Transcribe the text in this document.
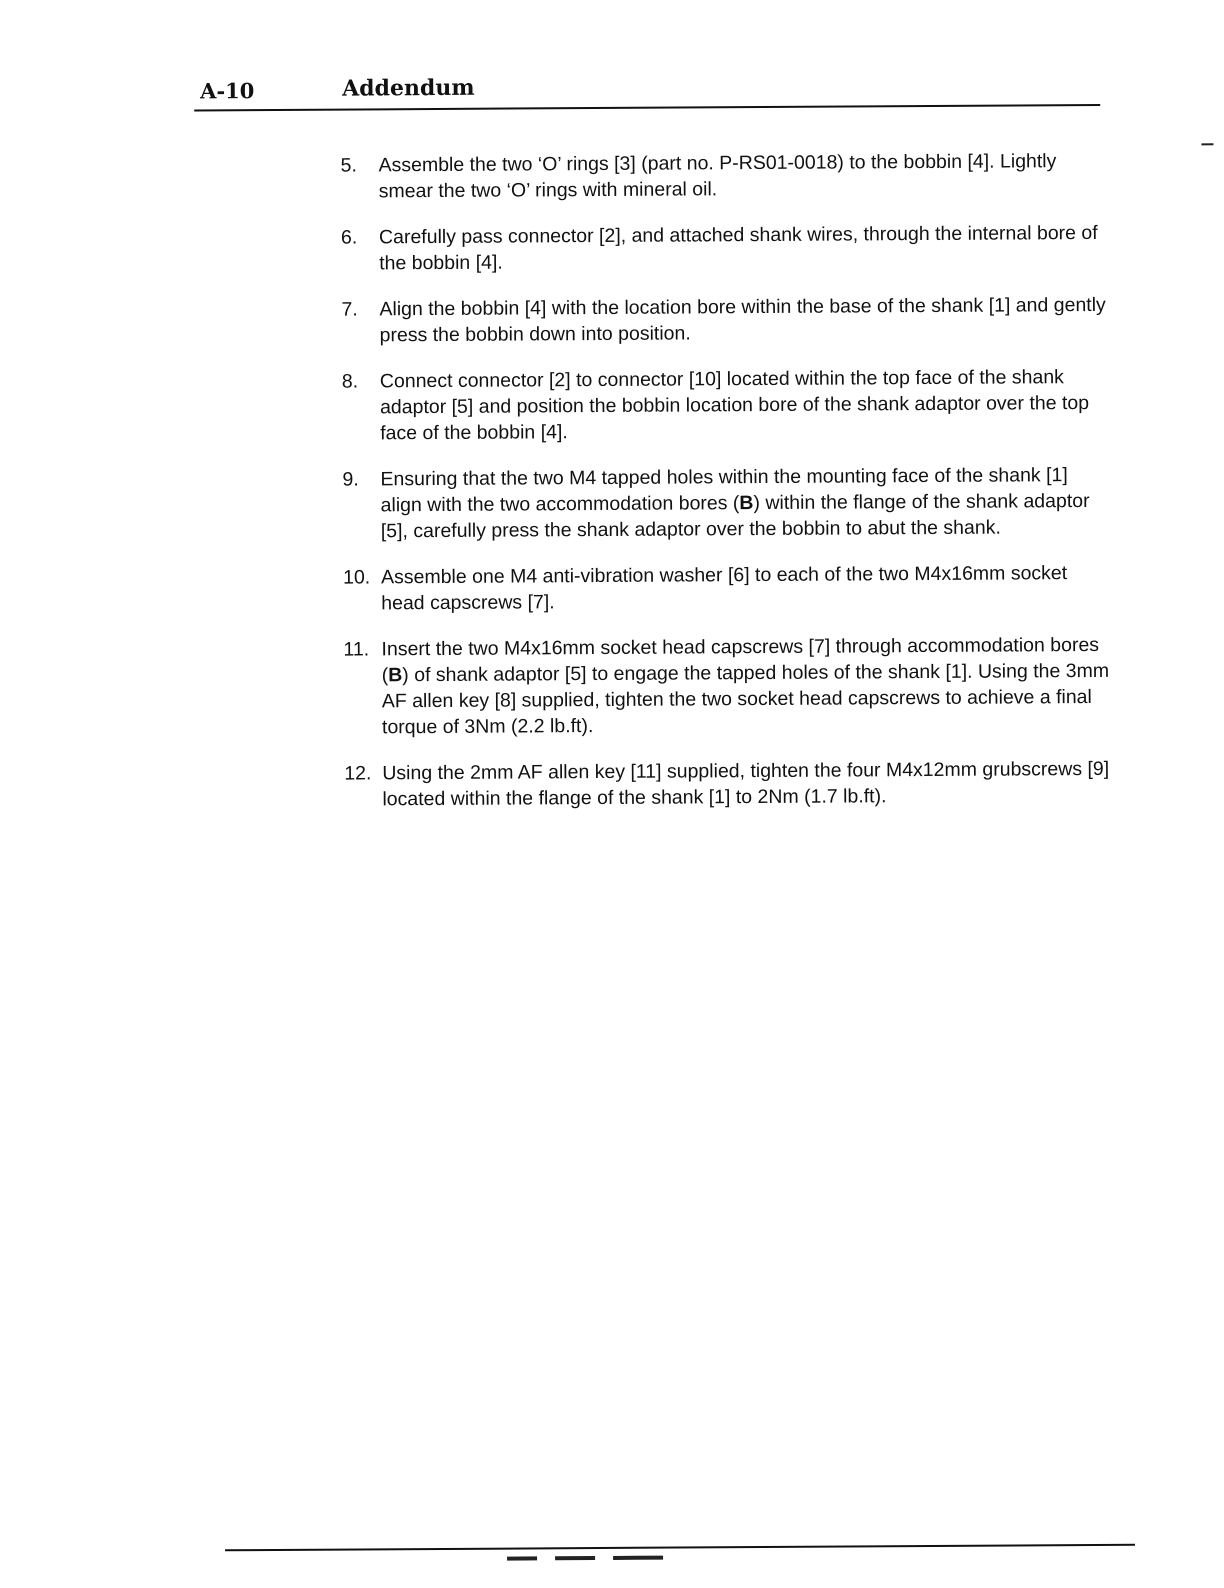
A-10	Addendum
5. Assemble the two ‘O’ rings [3] (part no. P-RS01-0018) to the bobbin [4]. Lightly smear the two ‘O’ rings with mineral oil.
6. Carefully pass connector [2], and attached shank wires, through the internal bore of the bobbin [4].
7. Align the bobbin [4] with the location bore within the base of the shank [1] and gently press the bobbin down into position.
8. Connect connector [2] to connector [10] located within the top face of the shank adaptor [5] and position the bobbin location bore of the shank adaptor over the top face of the bobbin [4].
9. Ensuring that the two M4 tapped holes within the mounting face of the shank [1] align with the two accommodation bores (B) within the flange of the shank adaptor [5], carefully press the shank adaptor over the bobbin to abut the shank.
10. Assemble one M4 anti-vibration washer [6] to each of the two M4x16mm socket head capscrews [7].
11. Insert the two M4x16mm socket head capscrews [7] through accommodation bores (B) of shank adaptor [5] to engage the tapped holes of the shank [1]. Using the 3mm AF allen key [8] supplied, tighten the two socket head capscrews to achieve a final torque of 3Nm (2.2 lb.ft).
12. Using the 2mm AF allen key [11] supplied, tighten the four M4x12mm grubscrews [9] located within the flange of the shank [1] to 2Nm (1.7 lb.ft).
